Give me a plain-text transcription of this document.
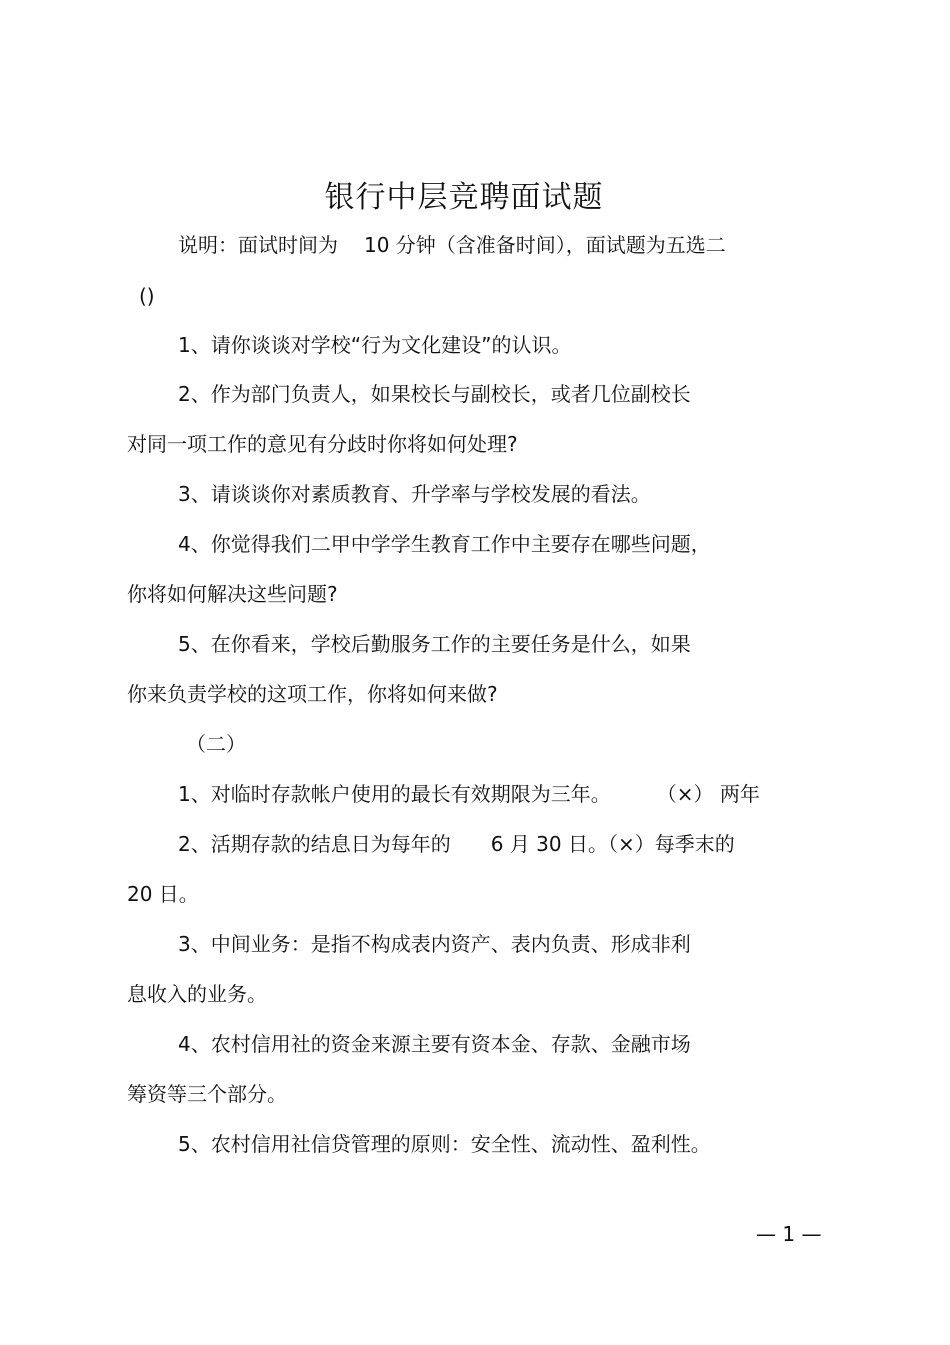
银行中层竞聘面试题
说明：面试时间为 10 分钟（含准备时间），面试题为五选二
()
1、请你谈谈对学校“行为文化建设”的认识。
2、作为部门负责人，如果校长与副校长，或者几位副校长
对同一项工作的意见有分歧时你将如何处理?
3、请谈谈你对素质教育、升学率与学校发展的看法。
4、你觉得我们二甲中学学生教育工作中主要存在哪些问题，
你将如何解决这些问题?
5、在你看来，学校后勤服务工作的主要任务是什么，如果
你来负责学校的这项工作，你将如何来做?
（二）
1、对临时存款帐户使用的最长有效期限为三年。 （×） 两年
2、活期存款的结息日为每年的 6 月 30 日。（×）每季末的
20 日。
3、中间业务：是指不构成表内资产、表内负责、形成非利
息收入的业务。
4、农村信用社的资金来源主要有资本金、存款、金融市场
筹资等三个部分。
5、农村信用社信贷管理的原则：安全性、流动性、盈利性。
— 1 —
